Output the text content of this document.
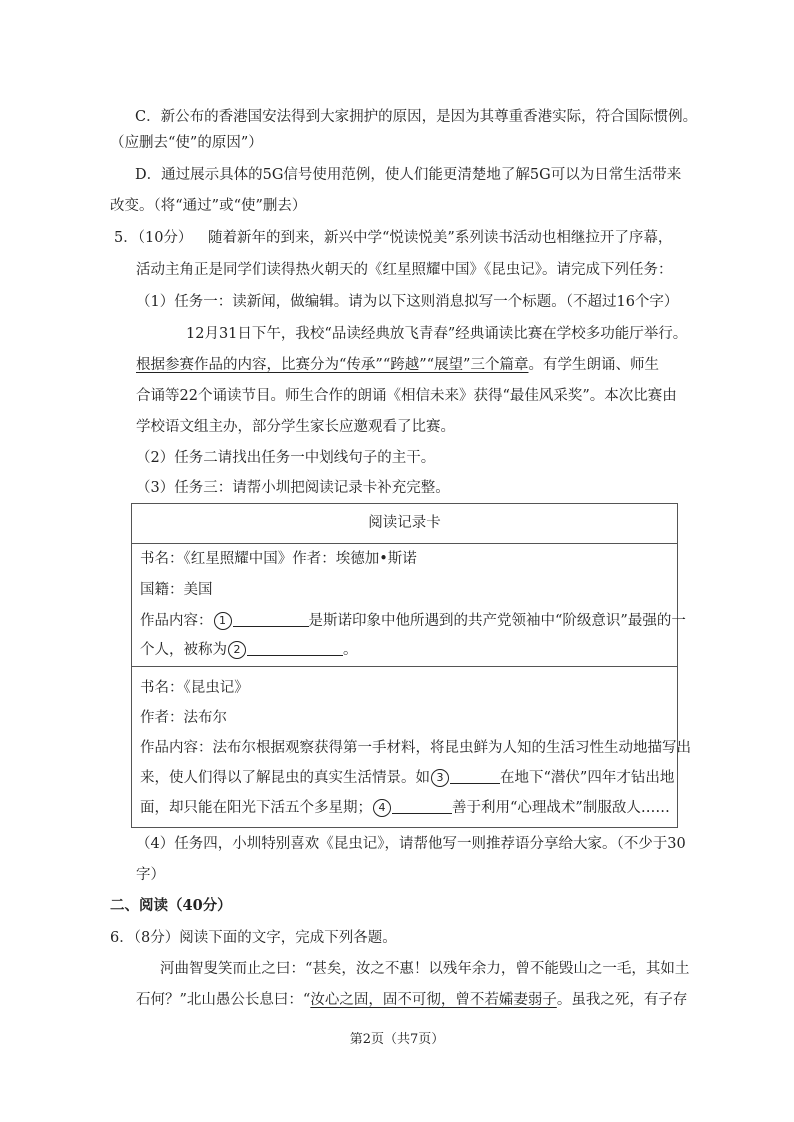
C．新公布的香港国安法得到大家拥护的原因，是因为其尊重香港实际，符合国际惯例。
（应删去“使”的原因”）
D．通过展示具体的5G信号使用范例，使人们能更清楚地了解5G可以为日常生活带来
改变。（将“通过”或“使”删去）
5．（10分） 随着新年的到来，新兴中学“悦读悦美”系列读书活动也相继拉开了序幕，
活动主角正是同学们读得热火朝天的《红星照耀中国》《昆虫记》。请完成下列任务：
（1）任务一：读新闻，做编辑。请为以下这则消息拟写一个标题。（不超过16个字）
12月31日下午，我校“品读经典放飞青春”经典诵读比赛在学校多功能厅举行。
根据参赛作品的内容，比赛分为“传承”“跨越”“展望”三个篇章。有学生朗诵、师生
合诵等22个诵读节目。师生合作的朗诵《相信未来》获得“最佳风采奖”。本次比赛由
学校语文组主办，部分学生家长应邀观看了比赛。
（2）任务二请找出任务一中划线句子的主干。
（3）任务三：请帮小圳把阅读记录卡补充完整。
阅读记录卡
书名：《红星照耀中国》作者：埃德加•斯诺
国籍：美国
作品内容： 1	是斯诺印象中他所遇到的共产党领袖中“阶级意识”最强的一
个人，被称为 2	。
书名：《昆虫记》
作者：法布尔
作品内容：法布尔根据观察获得第一手材料，将昆虫鲜为人知的生活习性生动地描写出
来，使人们得以了解昆虫的真实生活情景。如 3	在地下“潜伏”四年才钻出地
面，却只能在阳光下活五个多星期； 4	善于利用“心理战术”制服敌人……
（4）任务四，小圳特别喜欢《昆虫记》，请帮他写一则推荐语分享给大家。（不少于30
字）
二、阅读（40分）
6．（8分）阅读下面的文字，完成下列各题。
河曲智叟笑而止之曰：“甚矣，汝之不惠！以残年余力，曾不能毁山之一毛，其如土
石何？”北山愚公长息曰：“汝心之固，固不可彻，曾不若孀妻弱子。虽我之死，有子存
第2页（共7页）
